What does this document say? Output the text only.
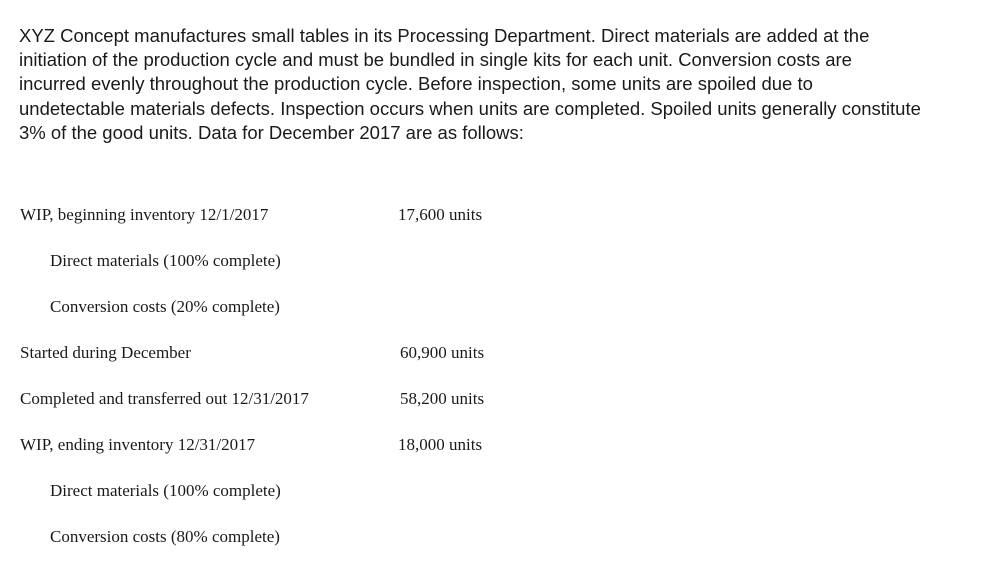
XYZ Concept manufactures small tables in its Processing Department. Direct materials are added at the
initiation of the production cycle and must be bundled in single kits for each unit. Conversion costs are
incurred evenly throughout the production cycle. Before inspection, some units are spoiled due to
undetectable materials defects. Inspection occurs when units are completed. Spoiled units generally constitute
3% of the good units. Data for December 2017 are as follows:
WIP, beginning inventory 12/1/2017	17,600 units
Direct materials (100% complete)
Conversion costs (20% complete)
Started during December	60,900 units
Completed and transferred out 12/31/2017	58,200 units
WIP, ending inventory 12/31/2017	18,000 units
Direct materials (100% complete)
Conversion costs (80% complete)
